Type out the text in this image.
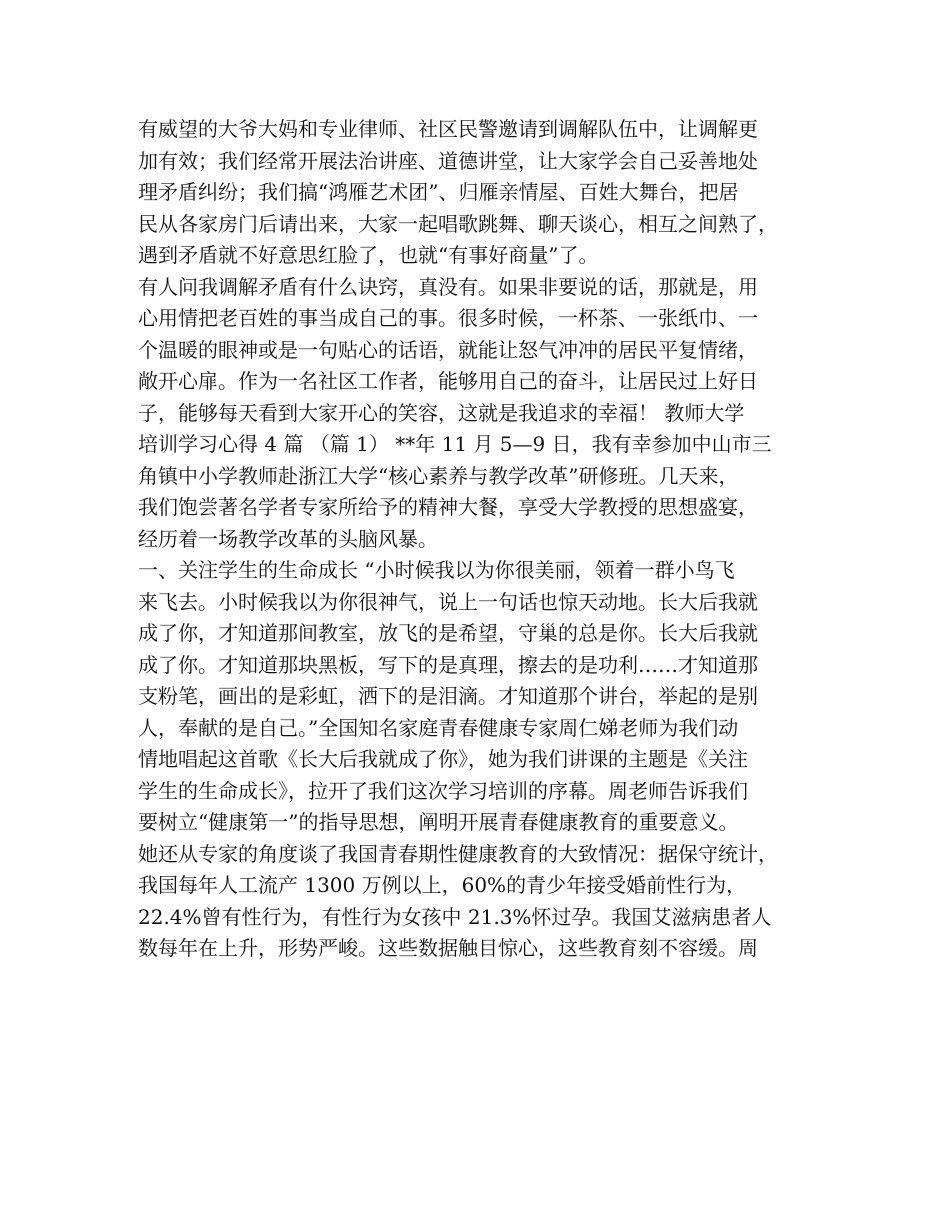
有威望的大爷大妈和专业律师、社区民警邀请到调解队伍中，让调解更
加有效；我们经常开展法治讲座、道德讲堂，让大家学会自己妥善地处
理矛盾纠纷；我们搞“鸿雁艺术团”、归雁亲情屋、百姓大舞台，把居
民从各家房门后请出来，大家一起唱歌跳舞、聊天谈心，相互之间熟了，
遇到矛盾就不好意思红脸了，也就“有事好商量”了。
有人问我调解矛盾有什么诀窍，真没有。如果非要说的话，那就是，用
心用情把老百姓的事当成自己的事。很多时候，一杯茶、一张纸巾、一
个温暖的眼神或是一句贴心的话语，就能让怒气冲冲的居民平复情绪，
敞开心扉。作为一名社区工作者，能够用自己的奋斗，让居民过上好日
子，能够每天看到大家开心的笑容，这就是我追求的幸福！ 教师大学
培训学习心得 4 篇 （篇 1） **年 11 月 5—9 日，我有幸参加中山市三
角镇中小学教师赴浙江大学“核心素养与教学改革”研修班。几天来，
我们饱尝著名学者专家所给予的精神大餐，享受大学教授的思想盛宴，
经历着一场教学改革的头脑风暴。
一、关注学生的生命成长 “小时候我以为你很美丽，领着一群小鸟飞
来飞去。小时候我以为你很神气，说上一句话也惊天动地。长大后我就
成了你，才知道那间教室，放飞的是希望，守巢的总是你。长大后我就
成了你。才知道那块黑板，写下的是真理，擦去的是功利……才知道那
支粉笔，画出的是彩虹，洒下的是泪滴。才知道那个讲台，举起的是别
人，奉献的是自己。”全国知名家庭青春健康专家周仁娣老师为我们动
情地唱起这首歌《长大后我就成了你》，她为我们讲课的主题是《关注
学生的生命成长》，拉开了我们这次学习培训的序幕。周老师告诉我们
要树立“健康第一”的指导思想，阐明开展青春健康教育的重要意义。
她还从专家的角度谈了我国青春期性健康教育的大致情况：据保守统计，
我国每年人工流产 1300 万例以上，60%的青少年接受婚前性行为，
22.4%曾有性行为，有性行为女孩中 21.3%怀过孕。我国艾滋病患者人
数每年在上升，形势严峻。这些数据触目惊心，这些教育刻不容缓。周
